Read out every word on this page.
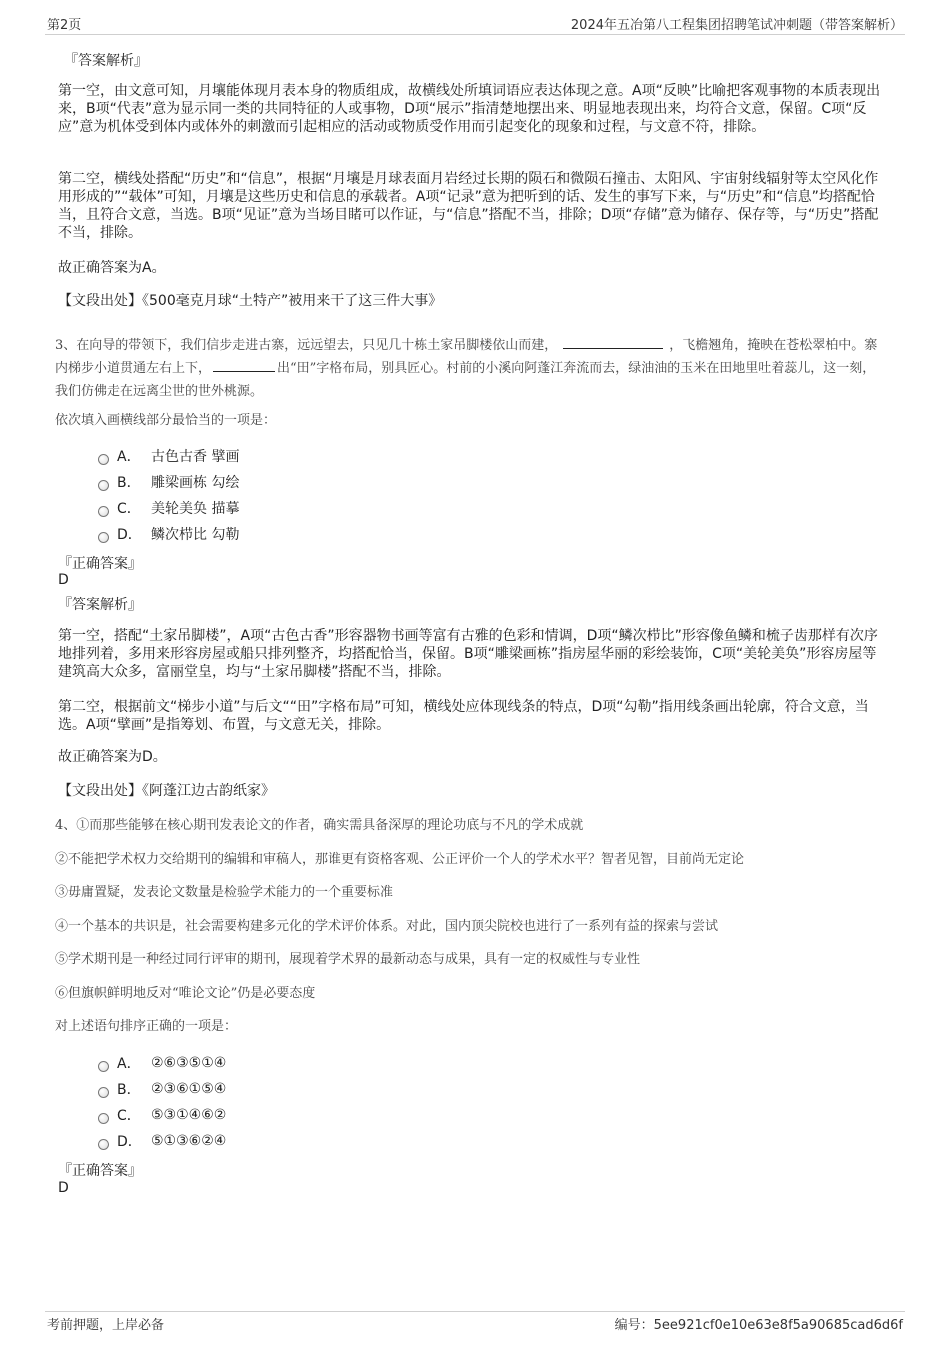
第2页	2024年五冶第八工程集团招聘笔试冲刺题（带答案解析）
『答案解析』

第一空，由文意可知，月壤能体现月表本身的物质组成，故横线处所填词语应表达体现之意。A项“反映”比喻把客观事物的本质表现出来，B项“代表”意为显示同一类的共同特征的人或事物，D项“展示”指清楚地摆出来、明显地表现出来，均符合文意，保留。C项“反应”意为机体受到体内或体外的刺激而引起相应的活动或物质受作用而引起变化的现象和过程，与文意不符，排除。

第二空，横线处搭配“历史”和“信息”，根据“月壤是月球表面月岩经过长期的陨石和微陨石撞击、太阳风、宇宙射线辐射等太空风化作用形成的”“载体”可知，月壤是这些历史和信息的承载者。A项“记录”意为把听到的话、发生的事写下来，与“历史”和“信息”均搭配恰当，且符合文意，当选。B项“见证”意为当场目睹可以作证，与“信息”搭配不当，排除；D项“存储”意为储存、保存等，与“历史”搭配不当，排除。

故正确答案为A。

【文段出处】《500毫克月球“土特产”被用来干了这三件大事》

3、在向导的带领下，我们信步走进古寨，远远望去，只见几十栋土家吊脚楼依山而建，	，飞檐翘角，掩映在苍松翠柏中。寨内梯步小道贯通左右上下，	出“田”字格布局，别具匠心。村前的小溪向阿蓬江奔流而去，绿油油的玉米在田地里吐着蕊儿，这一刻，我们仿佛走在远离尘世的世外桃源。

依次填入画横线部分最恰当的一项是：

A． 古色古香 擘画
B． 雕梁画栋 勾绘
C． 美轮美奂 描摹
D． 鳞次栉比 勾勒
『正确答案』
D
『答案解析』

第一空，搭配“土家吊脚楼”，A项“古色古香”形容器物书画等富有古雅的色彩和情调，D项“鳞次栉比”形容像鱼鳞和梳子齿那样有次序地排列着，多用来形容房屋或船只排列整齐，均搭配恰当，保留。B项“雕梁画栋”指房屋华丽的彩绘装饰，C项“美轮美奂”形容房屋等建筑高大众多，富丽堂皇，均与“土家吊脚楼”搭配不当，排除。

第二空，根据前文“梯步小道”与后文““田”字格布局”可知，横线处应体现线条的特点，D项“勾勒”指用线条画出轮廓，符合文意，当选。A项“擘画”是指筹划、布置，与文意无关，排除。

故正确答案为D。

【文段出处】《阿蓬江边古韵纸家》

4、①而那些能够在核心期刊发表论文的作者，确实需具备深厚的理论功底与不凡的学术成就

②不能把学术权力交给期刊的编辑和审稿人，那谁更有资格客观、公正评价一个人的学术水平？智者见智，目前尚无定论

③毋庸置疑，发表论文数量是检验学术能力的一个重要标准

④一个基本的共识是，社会需要构建多元化的学术评价体系。对此，国内顶尖院校也进行了一系列有益的探索与尝试

⑤学术期刊是一种经过同行评审的期刊，展现着学术界的最新动态与成果，具有一定的权威性与专业性

⑥但旗帜鲜明地反对“唯论文论”仍是必要态度

对上述语句排序正确的一项是：

A． ②⑥③⑤①④
B． ②③⑥①⑤④
C． ⑤③①④⑥②
D． ⑤①③⑥②④
『正确答案』
D
考前押题，上岸必备	编号：5ee921cf0e10e63e8f5a90685cad6d6f
